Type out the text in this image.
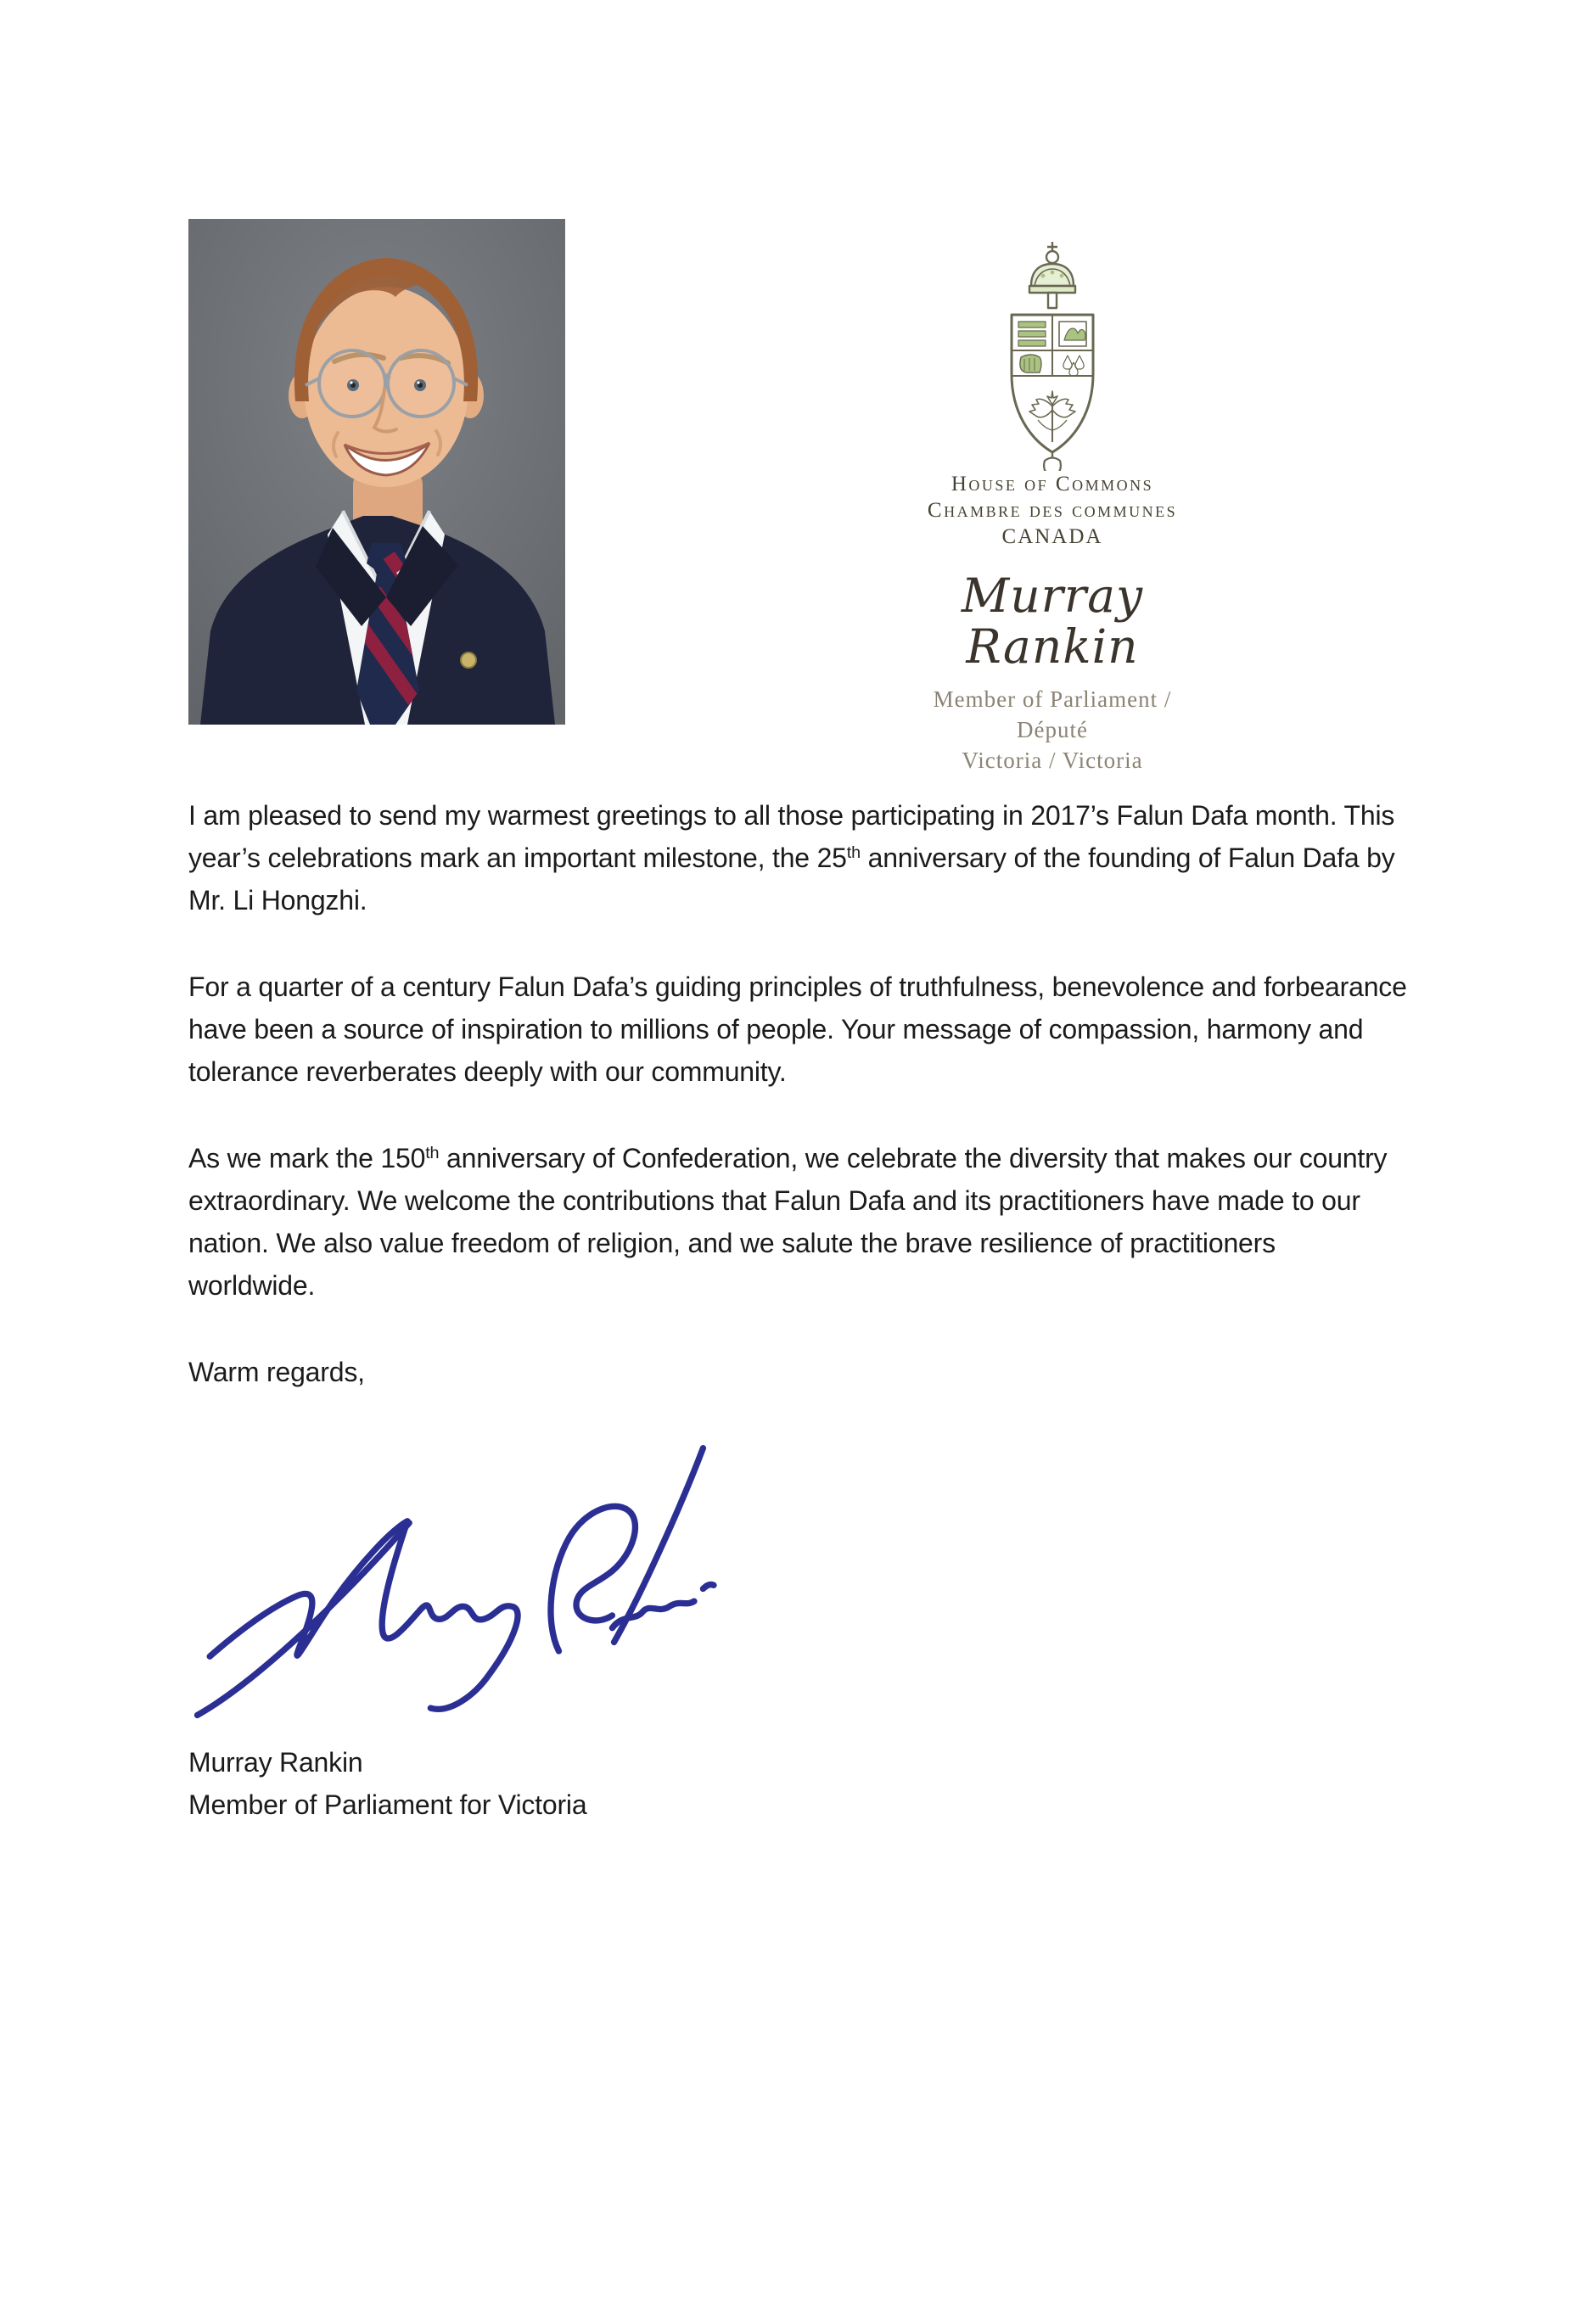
House of Commons
Chambre des communes
CANADA
Murray Rankin
Member of Parliament / Député
Victoria / Victoria

I am pleased to send my warmest greetings to all those participating in 2017’s Falun Dafa month. This year’s celebrations mark an important milestone, the 25th anniversary of the founding of Falun Dafa by Mr. Li Hongzhi.

For a quarter of a century Falun Dafa’s guiding principles of truthfulness, benevolence and forbearance have been a source of inspiration to millions of people. Your message of compassion, harmony and tolerance reverberates deeply with our community.

As we mark the 150th anniversary of Confederation, we celebrate the diversity that makes our country extraordinary. We welcome the contributions that Falun Dafa and its practitioners have made to our nation. We also value freedom of religion, and we salute the brave resilience of practitioners worldwide.

Warm regards,

Murray Rankin
Member of Parliament for Victoria
